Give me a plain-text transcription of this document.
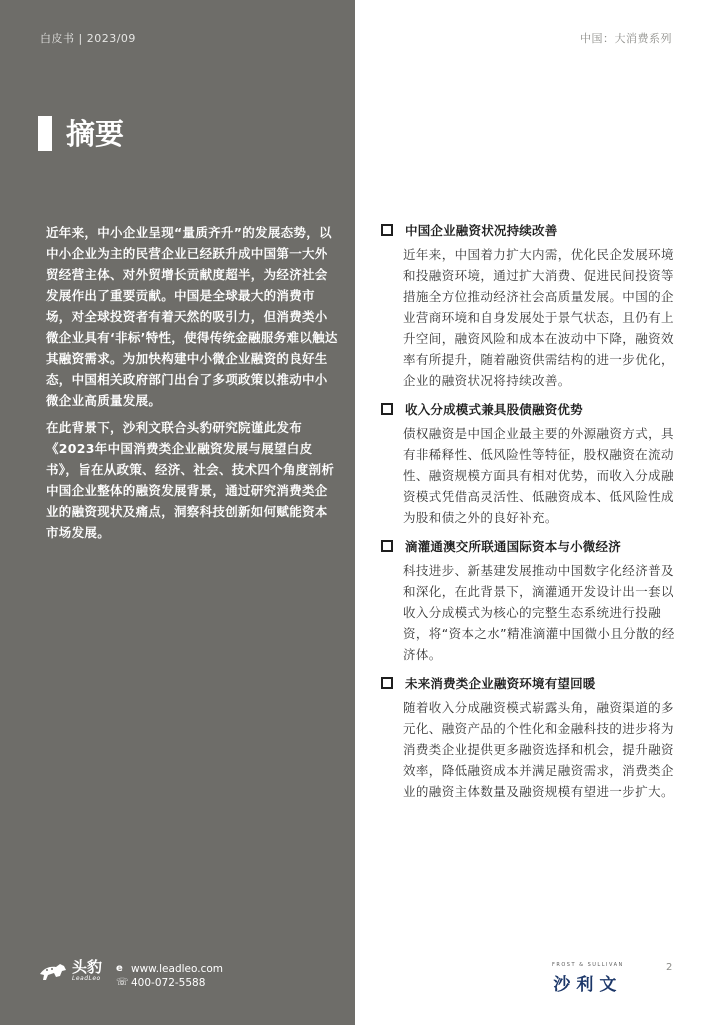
白皮书 | 2023/09
摘要

近年来，中小企业呈现“量质齐升”的发展态势，以中小企业为主的民营企业已经跃升成中国第一大外贸经营主体、对外贸增长贡献度超半，为经济社会发展作出了重要贡献。中国是全球最大的消费市场，对全球投资者有着天然的吸引力，但消费类小微企业具有‘非标’特性，使得传统金融服务难以触达其融资需求。为加快构建中小微企业融资的良好生态，中国相关政府部门出台了多项政策以推动中小微企业高质量发展。

在此背景下，沙利文联合头豹研究院谨此发布《2023年中国消费类企业融资发展与展望白皮书》，旨在从政策、经济、社会、技术四个角度剖析中国企业整体的融资发展背景，通过研究消费类企业的融资现状及痛点，洞察科技创新如何赋能资本市场发展。

头豹
LeadLeo
e www.leadleo.com
☏ 400-072-5588
中国：大消费系列
中国企业融资状况持续改善
近年来，中国着力扩大内需，优化民企发展环境和投融资环境，通过扩大消费、促进民间投资等措施全方位推动经济社会高质量发展。中国的企业营商环境和自身发展处于景气状态，且仍有上升空间，融资风险和成本在波动中下降，融资效率有所提升，随着融资供需结构的进一步优化，企业的融资状况将持续改善。
收入分成模式兼具股债融资优势
债权融资是中国企业最主要的外源融资方式，具有非稀释性、低风险性等特征，股权融资在流动性、融资规模方面具有相对优势，而收入分成融资模式凭借高灵活性、低融资成本、低风险性成为股和债之外的良好补充。
滴灌通澳交所联通国际资本与小微经济
科技进步、新基建发展推动中国数字化经济普及和深化，在此背景下，滴灌通开发设计出一套以收入分成模式为核心的完整生态系统进行投融资，将“资本之水”精准滴灌中国微小且分散的经济体。
未来消费类企业融资环境有望回暖
随着收入分成融资模式崭露头角，融资渠道的多元化、融资产品的个性化和金融科技的进步将为消费类企业提供更多融资选择和机会，提升融资效率，降低融资成本并满足融资需求，消费类企业的融资主体数量及融资规模有望进一步扩大。
FROST & SULLIVAN
沙利文
2
